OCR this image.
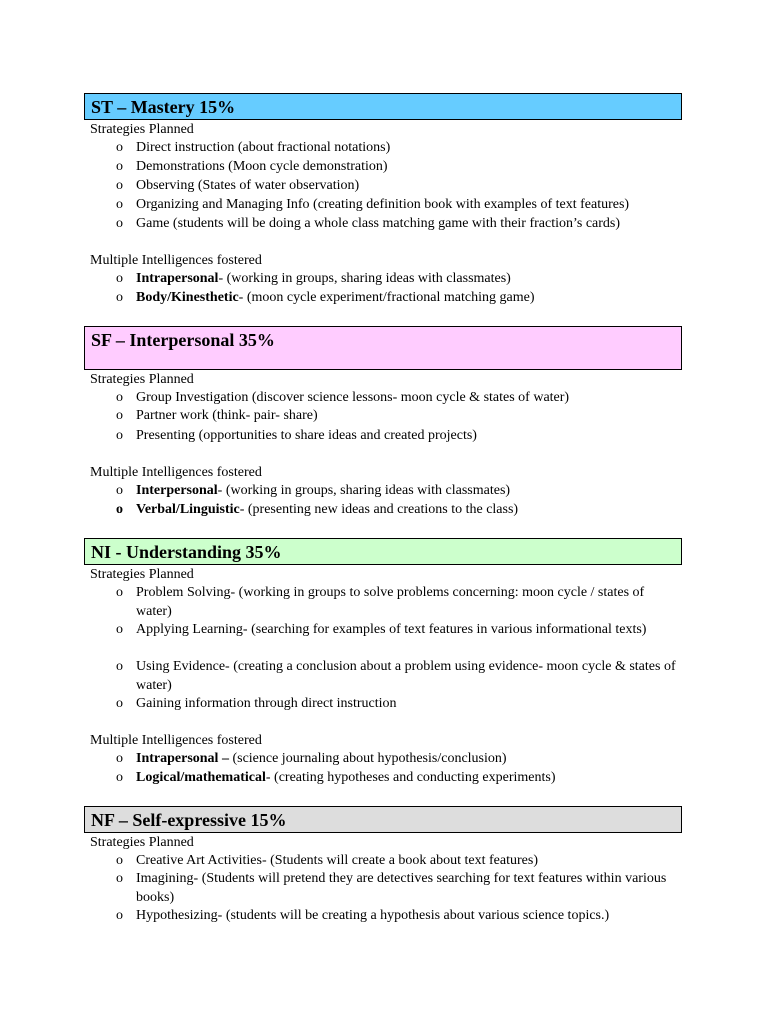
ST – Mastery 15%
Strategies Planned
o Direct instruction (about fractional notations)
o Demonstrations (Moon cycle demonstration)
o Observing (States of water observation)
o Organizing and Managing Info (creating definition book with examples of text features)
o Game (students will be doing a whole class matching game with their fraction’s cards)
Multiple Intelligences fostered
o Intrapersonal- (working in groups, sharing ideas with classmates)
o Body/Kinesthetic- (moon cycle experiment/fractional matching game)
SF – Interpersonal 35%
Strategies Planned
o Group Investigation (discover science lessons- moon cycle & states of water)
o Partner work (think- pair- share)
o Presenting (opportunities to share ideas and created projects)
Multiple Intelligences fostered
o Interpersonal- (working in groups, sharing ideas with classmates)
o Verbal/Linguistic- (presenting new ideas and creations to the class)
NI - Understanding 35%
Strategies Planned
o Problem Solving- (working in groups to solve problems concerning: moon cycle / states of water)
o Applying Learning- (searching for examples of text features in various informational texts)
o Using Evidence- (creating a conclusion about a problem using evidence- moon cycle & states of water)
o Gaining information through direct instruction
Multiple Intelligences fostered
o Intrapersonal – (science journaling about hypothesis/conclusion)
o Logical/mathematical- (creating hypotheses and conducting experiments)
NF – Self-expressive 15%
Strategies Planned
o Creative Art Activities- (Students will create a book about text features)
o Imagining- (Students will pretend they are detectives searching for text features within various books)
o Hypothesizing- (students will be creating a hypothesis about various science topics.)
